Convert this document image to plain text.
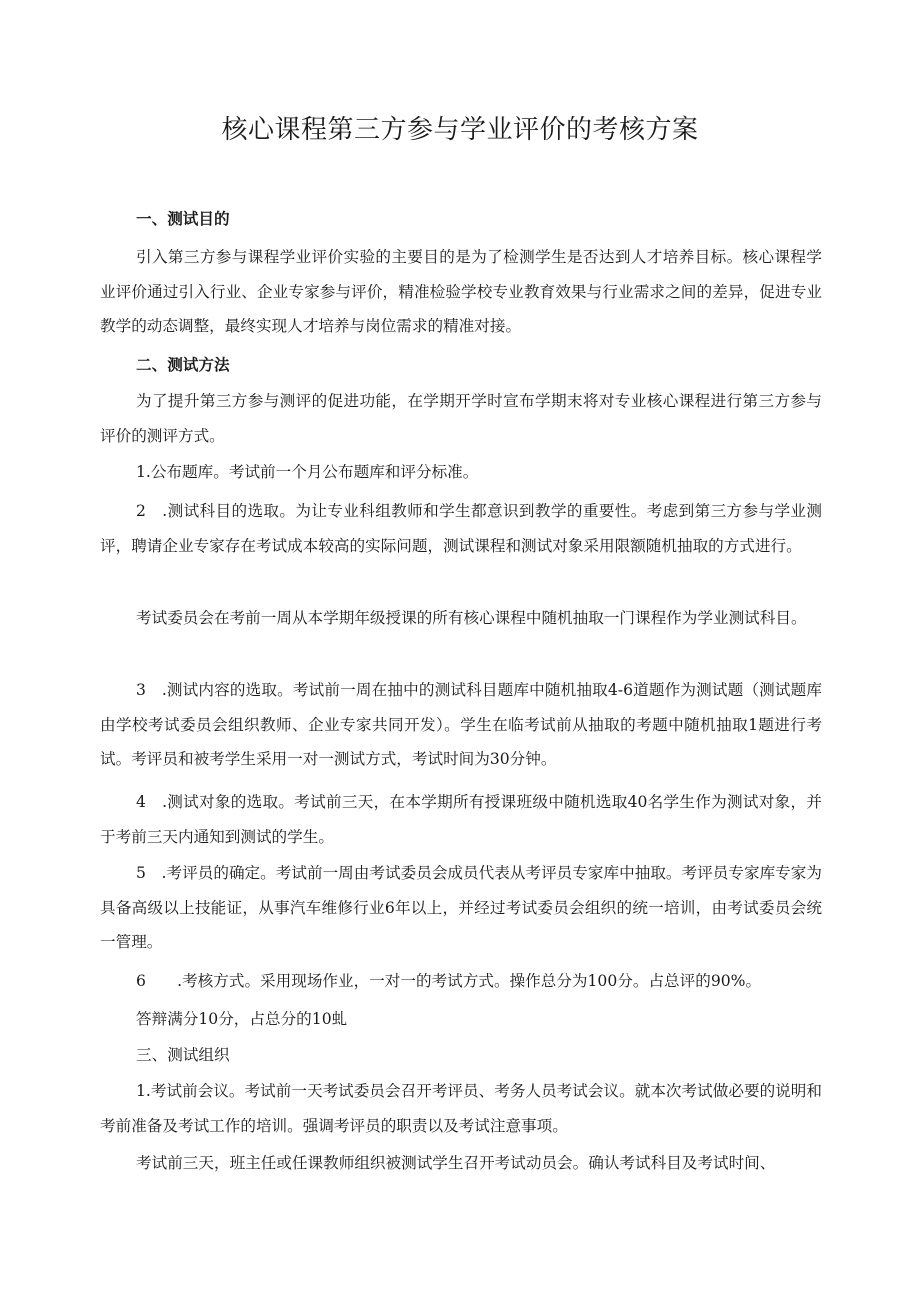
核心课程第三方参与学业评价的考核方案
一、测试目的

引入第三方参与课程学业评价实验的主要目的是为了检测学生是否达到人才培养目标。核心课程学业评价通过引入行业、企业专家参与评价，精准检验学校专业教育效果与行业需求之间的差异，促进专业教学的动态调整，最终实现人才培养与岗位需求的精准对接。

二、测试方法

为了提升第三方参与测评的促进功能，在学期开学时宣布学期末将对专业核心课程进行第三方参与评价的测评方式。

1.公布题库。考试前一个月公布题库和评分标准。

2　.测试科目的选取。为让专业科组教师和学生都意识到教学的重要性。考虑到第三方参与学业测评，聘请企业专家存在考试成本较高的实际问题，测试课程和测试对象采用限额随机抽取的方式进行。

考试委员会在考前一周从本学期年级授课的所有核心课程中随机抽取一门课程作为学业测试科目。

3　.测试内容的选取。考试前一周在抽中的测试科目题库中随机抽取4-6道题作为测试题（测试题库由学校考试委员会组织教师、企业专家共同开发）。学生在临考试前从抽取的考题中随机抽取1题进行考试。考评员和被考学生采用一对一测试方式，考试时间为30分钟。

4　.测试对象的选取。考试前三天，在本学期所有授课班级中随机选取40名学生作为测试对象，并于考前三天内通知到测试的学生。

5　.考评员的确定。考试前一周由考试委员会成员代表从考评员专家库中抽取。考评员专家库专家为具备高级以上技能证，从事汽车维修行业6年以上，并经过考试委员会组织的统一培训，由考试委员会统一管理。

6　　.考核方式。采用现场作业，一对一的考试方式。操作总分为100分。占总评的90%。
答辩满分10分，占总分的10虬
三、测试组织

1.考试前会议。考试前一天考试委员会召开考评员、考务人员考试会议。就本次考试做必要的说明和考前准备及考试工作的培训。强调考评员的职责以及考试注意事项。

考试前三天，班主任或任课教师组织被测试学生召开考试动员会。确认考试科目及考试时间、
